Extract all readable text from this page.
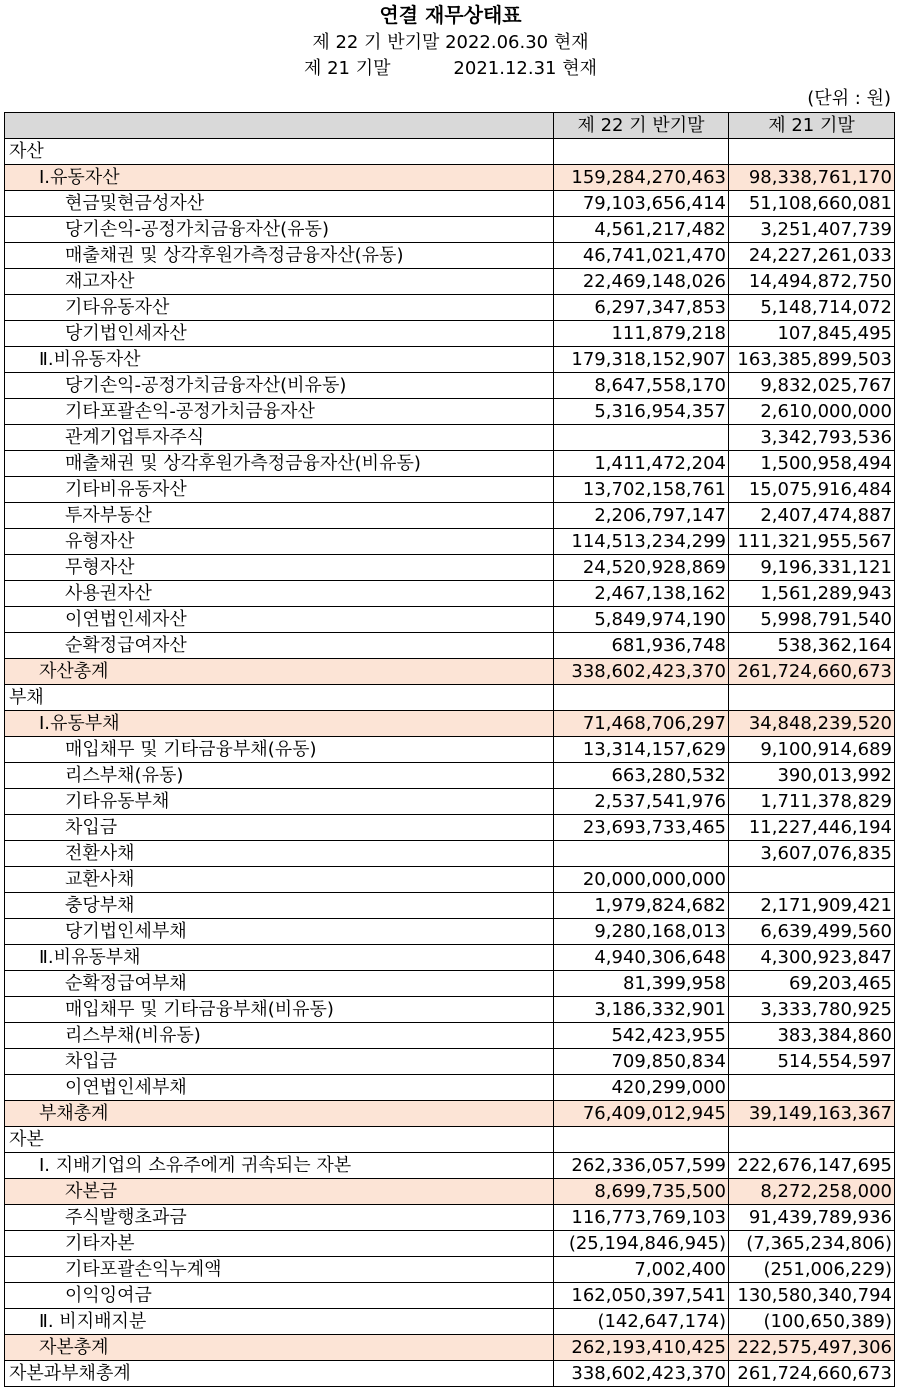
연결 재무상태표
제 22 기 반기말 2022.06.30 현재
제 21 기말           2021.12.31 현재
(단위 : 원)
	제 22 기 반기말	제 21 기말
자산		
Ⅰ.유동자산	159,284,270,463	98,338,761,170
현금및현금성자산	79,103,656,414	51,108,660,081
당기손익-공정가치금융자산(유동)	4,561,217,482	3,251,407,739
매출채권 및 상각후원가측정금융자산(유동)	46,741,021,470	24,227,261,033
재고자산	22,469,148,026	14,494,872,750
기타유동자산	6,297,347,853	5,148,714,072
당기법인세자산	111,879,218	107,845,495
Ⅱ.비유동자산	179,318,152,907	163,385,899,503
당기손익-공정가치금융자산(비유동)	8,647,558,170	9,832,025,767
기타포괄손익-공정가치금융자산	5,316,954,357	2,610,000,000
관계기업투자주식		3,342,793,536
매출채권 및 상각후원가측정금융자산(비유동)	1,411,472,204	1,500,958,494
기타비유동자산	13,702,158,761	15,075,916,484
투자부동산	2,206,797,147	2,407,474,887
유형자산	114,513,234,299	111,321,955,567
무형자산	24,520,928,869	9,196,331,121
사용권자산	2,467,138,162	1,561,289,943
이연법인세자산	5,849,974,190	5,998,791,540
순확정급여자산	681,936,748	538,362,164
자산총계	338,602,423,370	261,724,660,673
부채		
Ⅰ.유동부채	71,468,706,297	34,848,239,520
매입채무 및 기타금융부채(유동)	13,314,157,629	9,100,914,689
리스부채(유동)	663,280,532	390,013,992
기타유동부채	2,537,541,976	1,711,378,829
차입금	23,693,733,465	11,227,446,194
전환사채		3,607,076,835
교환사채	20,000,000,000	
충당부채	1,979,824,682	2,171,909,421
당기법인세부채	9,280,168,013	6,639,499,560
Ⅱ.비유동부채	4,940,306,648	4,300,923,847
순확정급여부채	81,399,958	69,203,465
매입채무 및 기타금융부채(비유동)	3,186,332,901	3,333,780,925
리스부채(비유동)	542,423,955	383,384,860
차입금	709,850,834	514,554,597
이연법인세부채	420,299,000	
부채총계	76,409,012,945	39,149,163,367
자본		
Ⅰ. 지배기업의 소유주에게 귀속되는 자본	262,336,057,599	222,676,147,695
자본금	8,699,735,500	8,272,258,000
주식발행초과금	116,773,769,103	91,439,789,936
기타자본	(25,194,846,945)	(7,365,234,806)
기타포괄손익누계액	7,002,400	(251,006,229)
이익잉여금	162,050,397,541	130,580,340,794
Ⅱ. 비지배지분	(142,647,174)	(100,650,389)
자본총계	262,193,410,425	222,575,497,306
자본과부채총계	338,602,423,370	261,724,660,673
